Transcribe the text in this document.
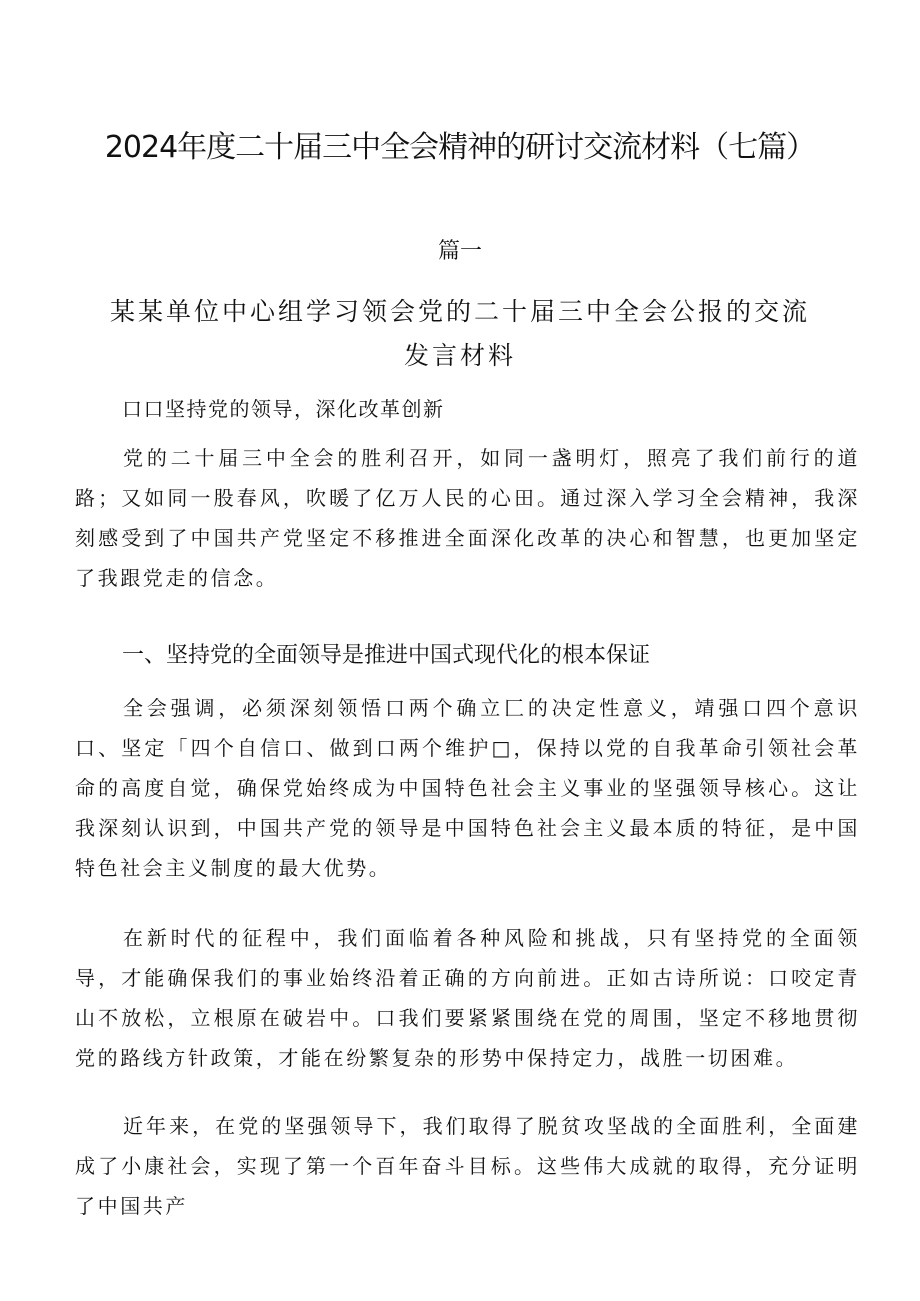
2024年度二十届三中全会精神的研讨交流材料（七篇）
篇一
某某单位中心组学习领会党的二十届三中全会公报的交流发言材料

口口坚持党的领导，深化改革创新

党的二十届三中全会的胜利召开，如同一盏明灯，照亮了我们前行的道路；又如同一股春风，吹暖了亿万人民的心田。通过深入学习全会精神，我深刻感受到了中国共产党坚定不移推进全面深化改革的决心和智慧，也更加坚定了我跟党走的信念。

一、坚持党的全面领导是推进中国式现代化的根本保证

全会强调，必须深刻领悟口两个确立匚的决定性意义，靖强口四个意识口、坚定「四个自信口、做到口两个维护□，保持以党的自我革命引领社会革命的高度自觉，确保党始终成为中国特色社会主义事业的坚强领导核心。这让我深刻认识到，中国共产党的领导是中国特色社会主义最本质的特征，是中国特色社会主义制度的最大优势。

在新时代的征程中，我们面临着各种风险和挑战，只有坚持党的全面领导，才能确保我们的事业始终沿着正确的方向前进。正如古诗所说：口咬定青山不放松，立根原在破岩中。口我们要紧紧围绕在党的周围，坚定不移地贯彻党的路线方针政策，才能在纷繁复杂的形势中保持定力，战胜一切困难。

近年来，在党的坚强领导下，我们取得了脱贫攻坚战的全面胜利，全面建成了小康社会，实现了第一个百年奋斗目标。这些伟大成就的取得，充分证明了中国共产
